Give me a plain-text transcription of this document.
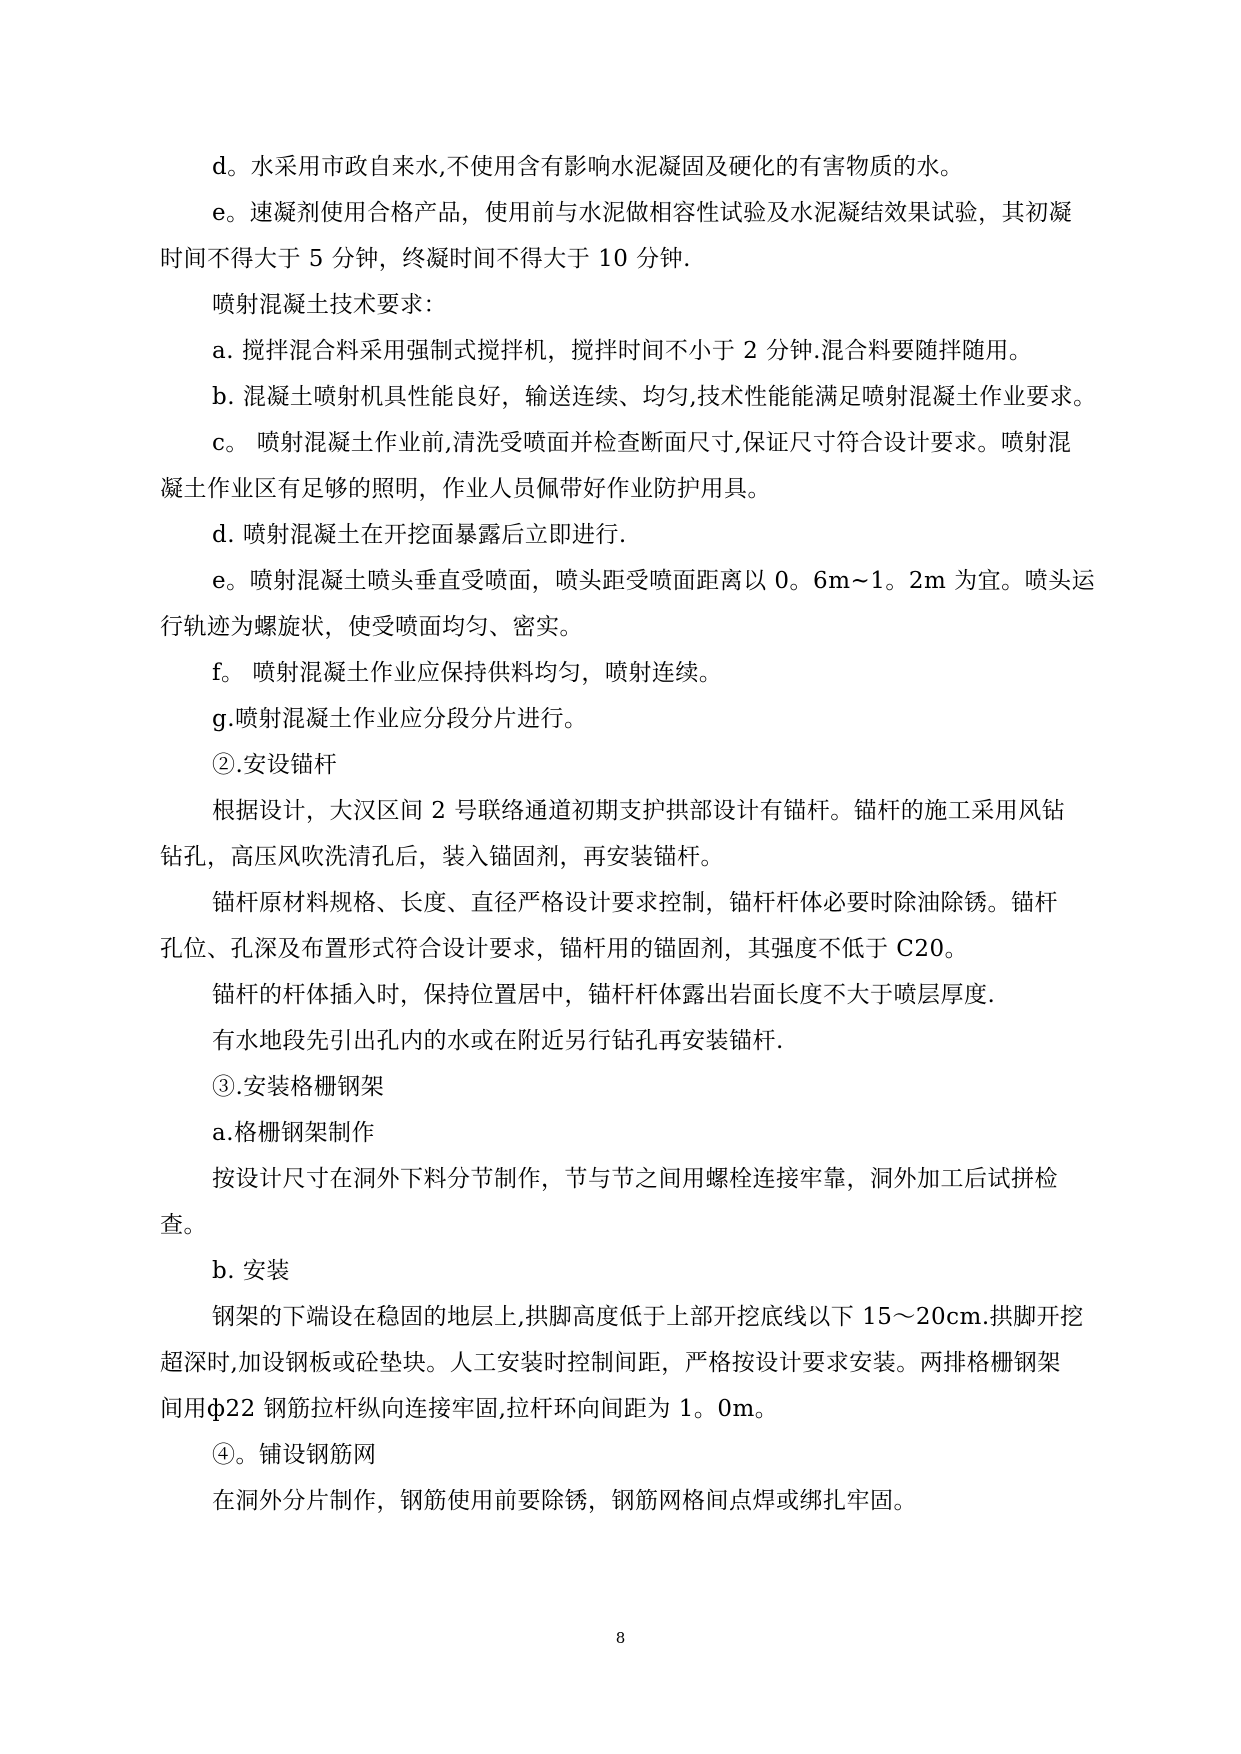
d。水采用市政自来水,不使用含有影响水泥凝固及硬化的有害物质的水。
e。速凝剂使用合格产品，使用前与水泥做相容性试验及水泥凝结效果试验，其初凝
时间不得大于 5 分钟，终凝时间不得大于 10 分钟.
喷射混凝土技术要求：
a. 搅拌混合料采用强制式搅拌机，搅拌时间不小于 2 分钟.混合料要随拌随用。
b. 混凝土喷射机具性能良好，输送连续、均匀,技术性能能满足喷射混凝土作业要求。
c。 喷射混凝土作业前,清洗受喷面并检查断面尺寸,保证尺寸符合设计要求。喷射混
凝土作业区有足够的照明，作业人员佩带好作业防护用具。
d. 喷射混凝土在开挖面暴露后立即进行.
e。喷射混凝土喷头垂直受喷面，喷头距受喷面距离以 0。6m~1。2m 为宜。喷头运
行轨迹为螺旋状，使受喷面均匀、密实。
f。 喷射混凝土作业应保持供料均匀，喷射连续。
g.喷射混凝土作业应分段分片进行。
②.安设锚杆
根据设计，大汉区间 2 号联络通道初期支护拱部设计有锚杆。锚杆的施工采用风钻
钻孔，高压风吹洗清孔后，装入锚固剂，再安装锚杆。
锚杆原材料规格、长度、直径严格设计要求控制，锚杆杆体必要时除油除锈。锚杆
孔位、孔深及布置形式符合设计要求，锚杆用的锚固剂，其强度不低于 C20。
锚杆的杆体插入时，保持位置居中，锚杆杆体露出岩面长度不大于喷层厚度.
有水地段先引出孔内的水或在附近另行钻孔再安装锚杆.
③.安装格栅钢架
a.格栅钢架制作
按设计尺寸在洞外下料分节制作，节与节之间用螺栓连接牢靠，洞外加工后试拼检
查。
b. 安装
钢架的下端设在稳固的地层上,拱脚高度低于上部开挖底线以下 15～20cm.拱脚开挖
超深时,加设钢板或砼垫块。人工安装时控制间距，严格按设计要求安装。两排格栅钢架
间用ф22 钢筋拉杆纵向连接牢固,拉杆环向间距为 1。0m。
④。铺设钢筋网
在洞外分片制作，钢筋使用前要除锈，钢筋网格间点焊或绑扎牢固。
8
